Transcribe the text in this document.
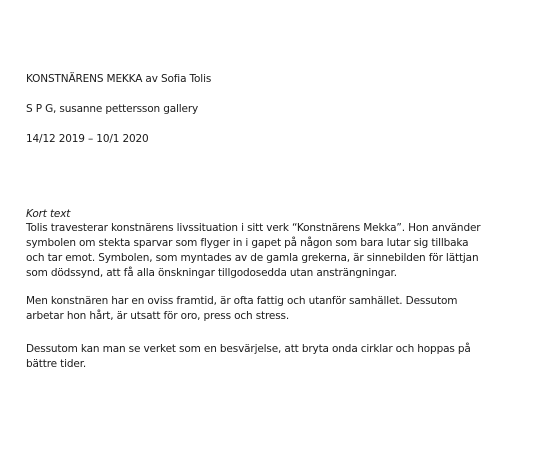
KONSTNÄRENS MEKKA av Sofia Tolis
S P G, susanne pettersson gallery
14/12 2019 – 10/1 2020
Kort text
Tolis travesterar konstnärens livssituation i sitt verk “Konstnärens Mekka”. Hon använder
symbolen om stekta sparvar som flyger in i gapet på någon som bara lutar sig tillbaka
och tar emot. Symbolen, som myntades av de gamla grekerna, är sinnebilden för lättjan
som dödssynd, att få alla önskningar tillgodosedda utan ansträngningar.
Men konstnären har en oviss framtid, är ofta fattig och utanför samhället. Dessutom
arbetar hon hårt, är utsatt för oro, press och stress.
Dessutom kan man se verket som en besvärjelse, att bryta onda cirklar och hoppas på
bättre tider.
